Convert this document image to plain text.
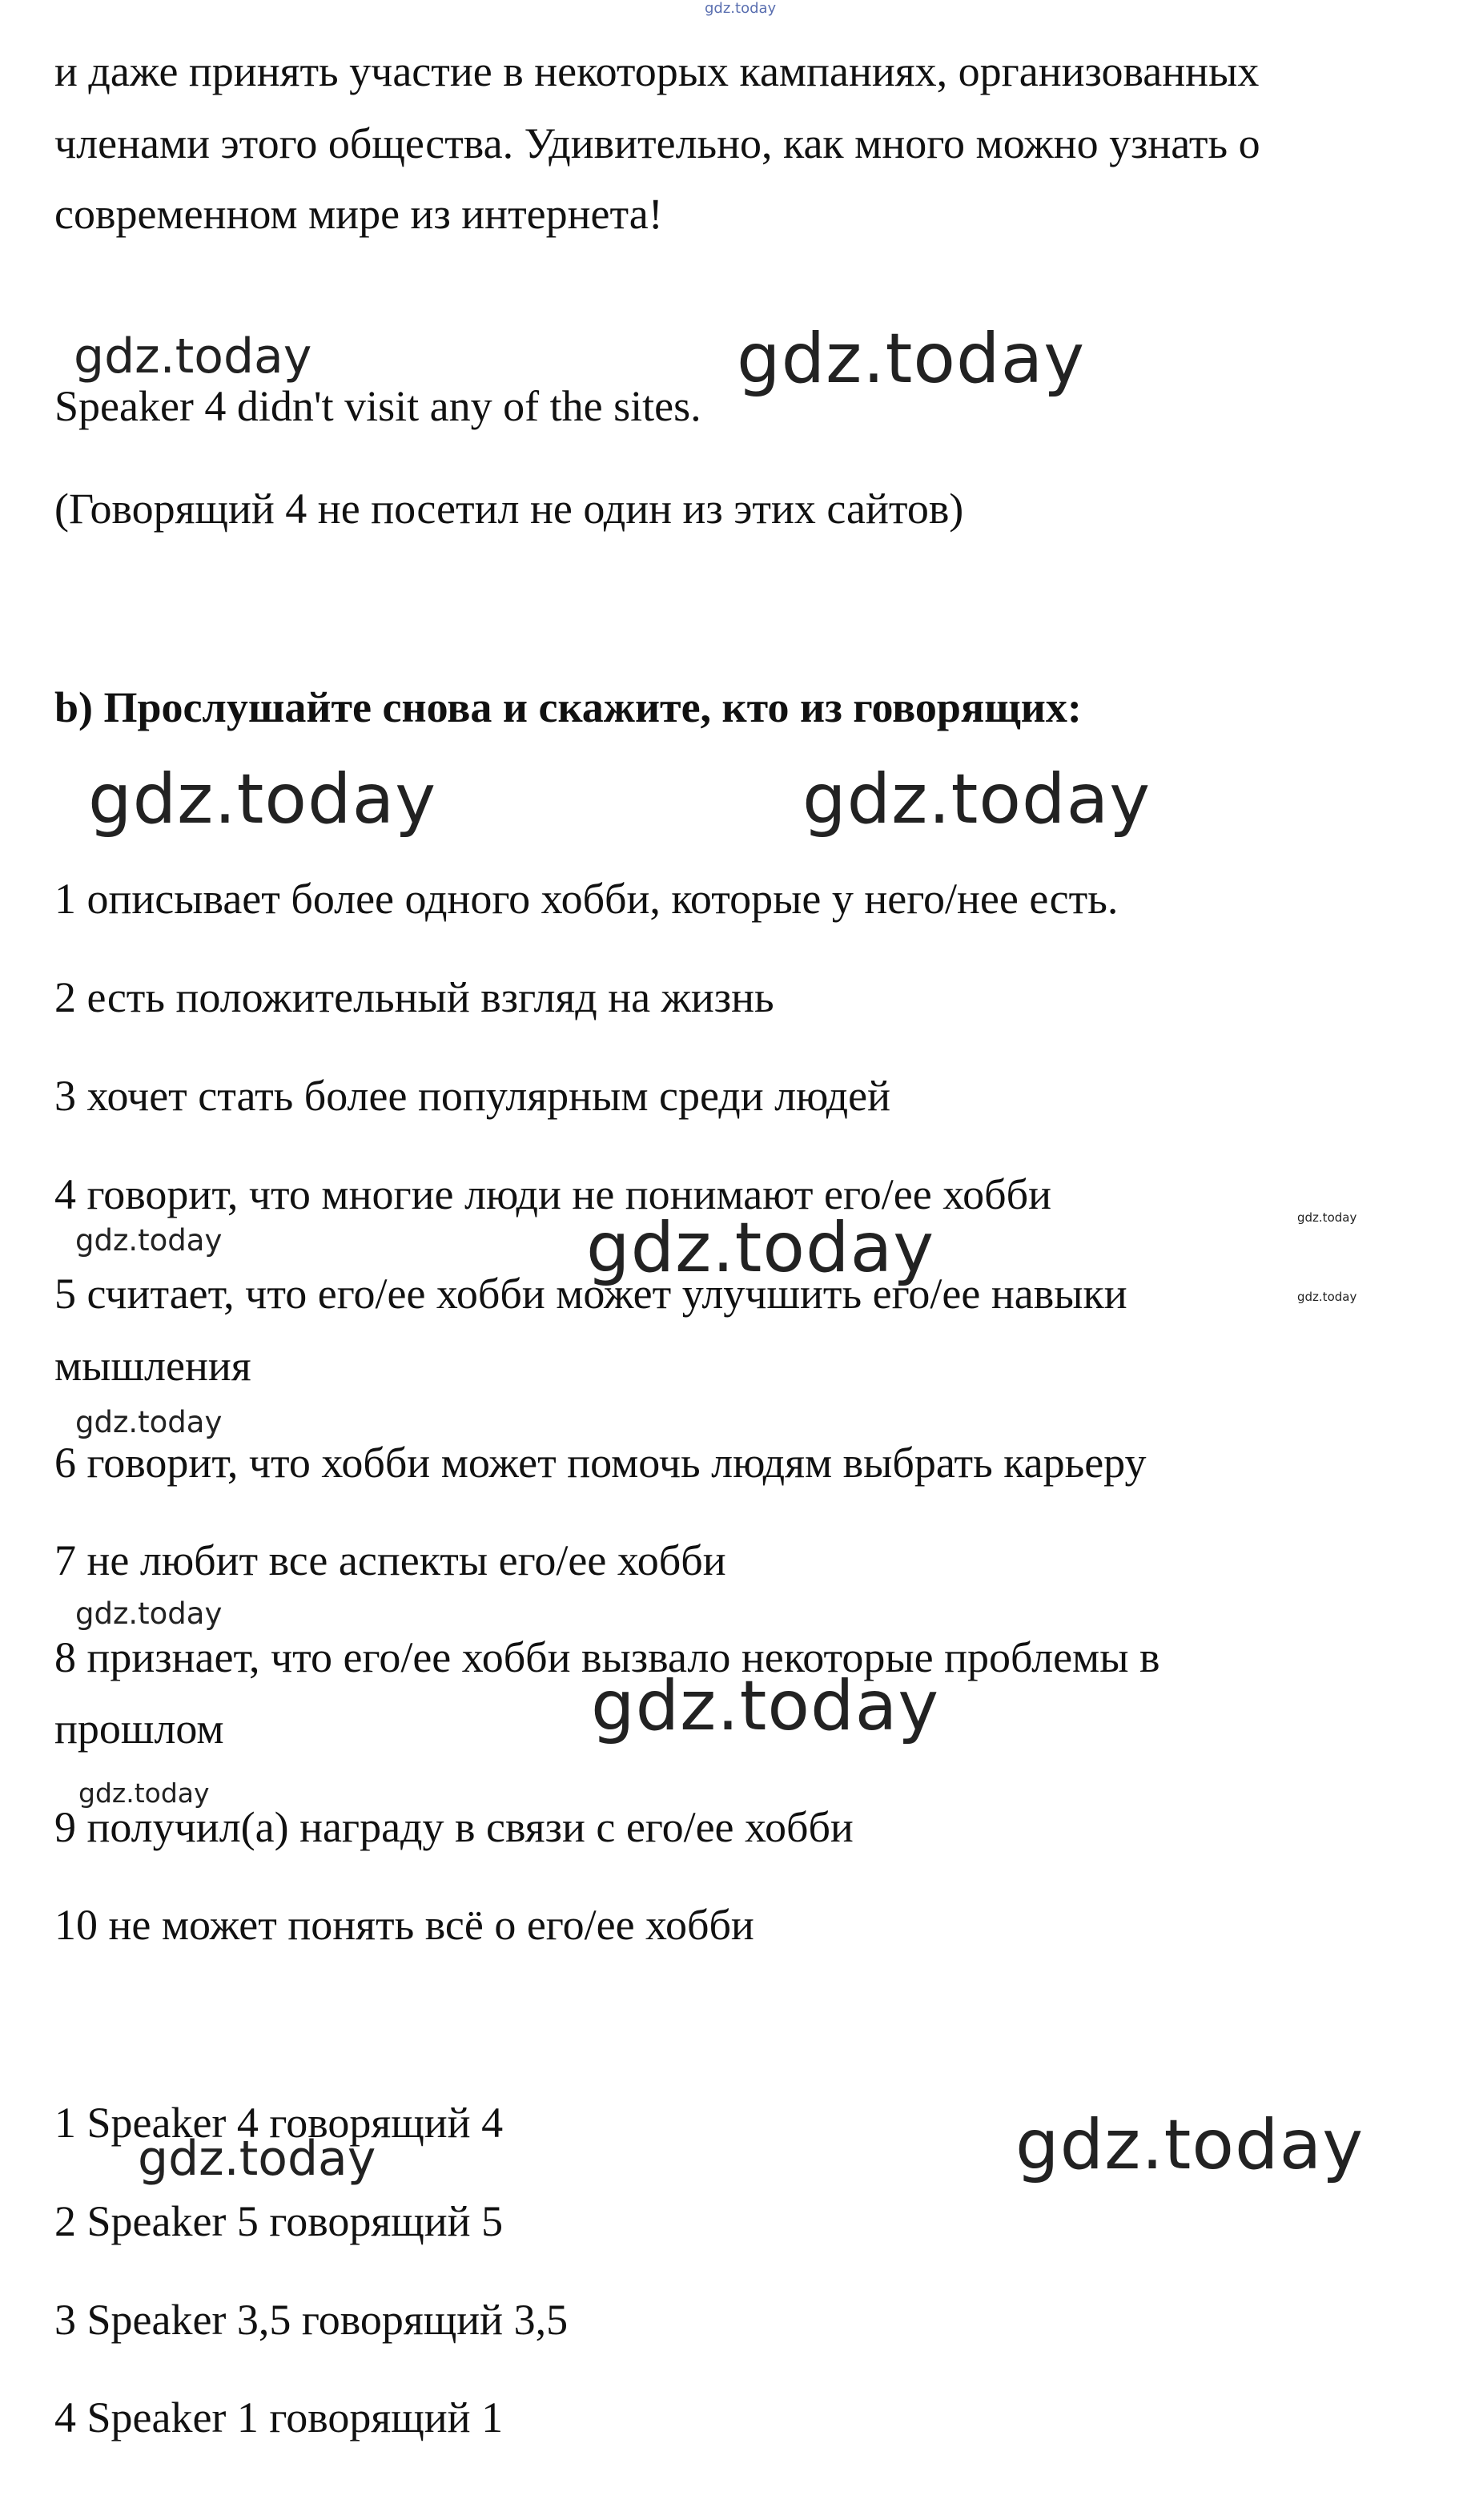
gdz.today

и даже принять участие в некоторых кампаниях, организованных

членами этого общества. Удивительно, как много можно узнать о

современном мире из интернета!

gdz.today	gdz.today

Speaker 4 didn't visit any of the sites.

(Говорящий 4 не посетил не один из этих сайтов)

b) Прослушайте снова и скажите, кто из говорящих:

gdz.today	gdz.today

1 описывает более одного хобби, которые у него/нее есть.

2 есть положительный взгляд на жизнь

3 хочет стать более популярным среди людей

4 говорит, что многие люди не понимают его/ее хобби

gdz.today	gdz.today	gdz.today

5 считает, что его/ее хобби может улучшить его/ее навыки	gdz.today

мышления

gdz.today

6 говорит, что хобби может помочь людям выбрать карьеру

7 не любит все аспекты его/ее хобби

gdz.today

8 признает, что его/ее хобби вызвало некоторые проблемы в

gdz.today

прошлом

gdz.today

9 получил(а) награду в связи с его/ее хобби

10 не может понять всё о его/ее хобби

1 Speaker 4 говорящий 4	gdz.today
gdz.today

2 Speaker 5 говорящий 5

3 Speaker 3,5 говорящий 3,5

4 Speaker 1 говорящий 1
